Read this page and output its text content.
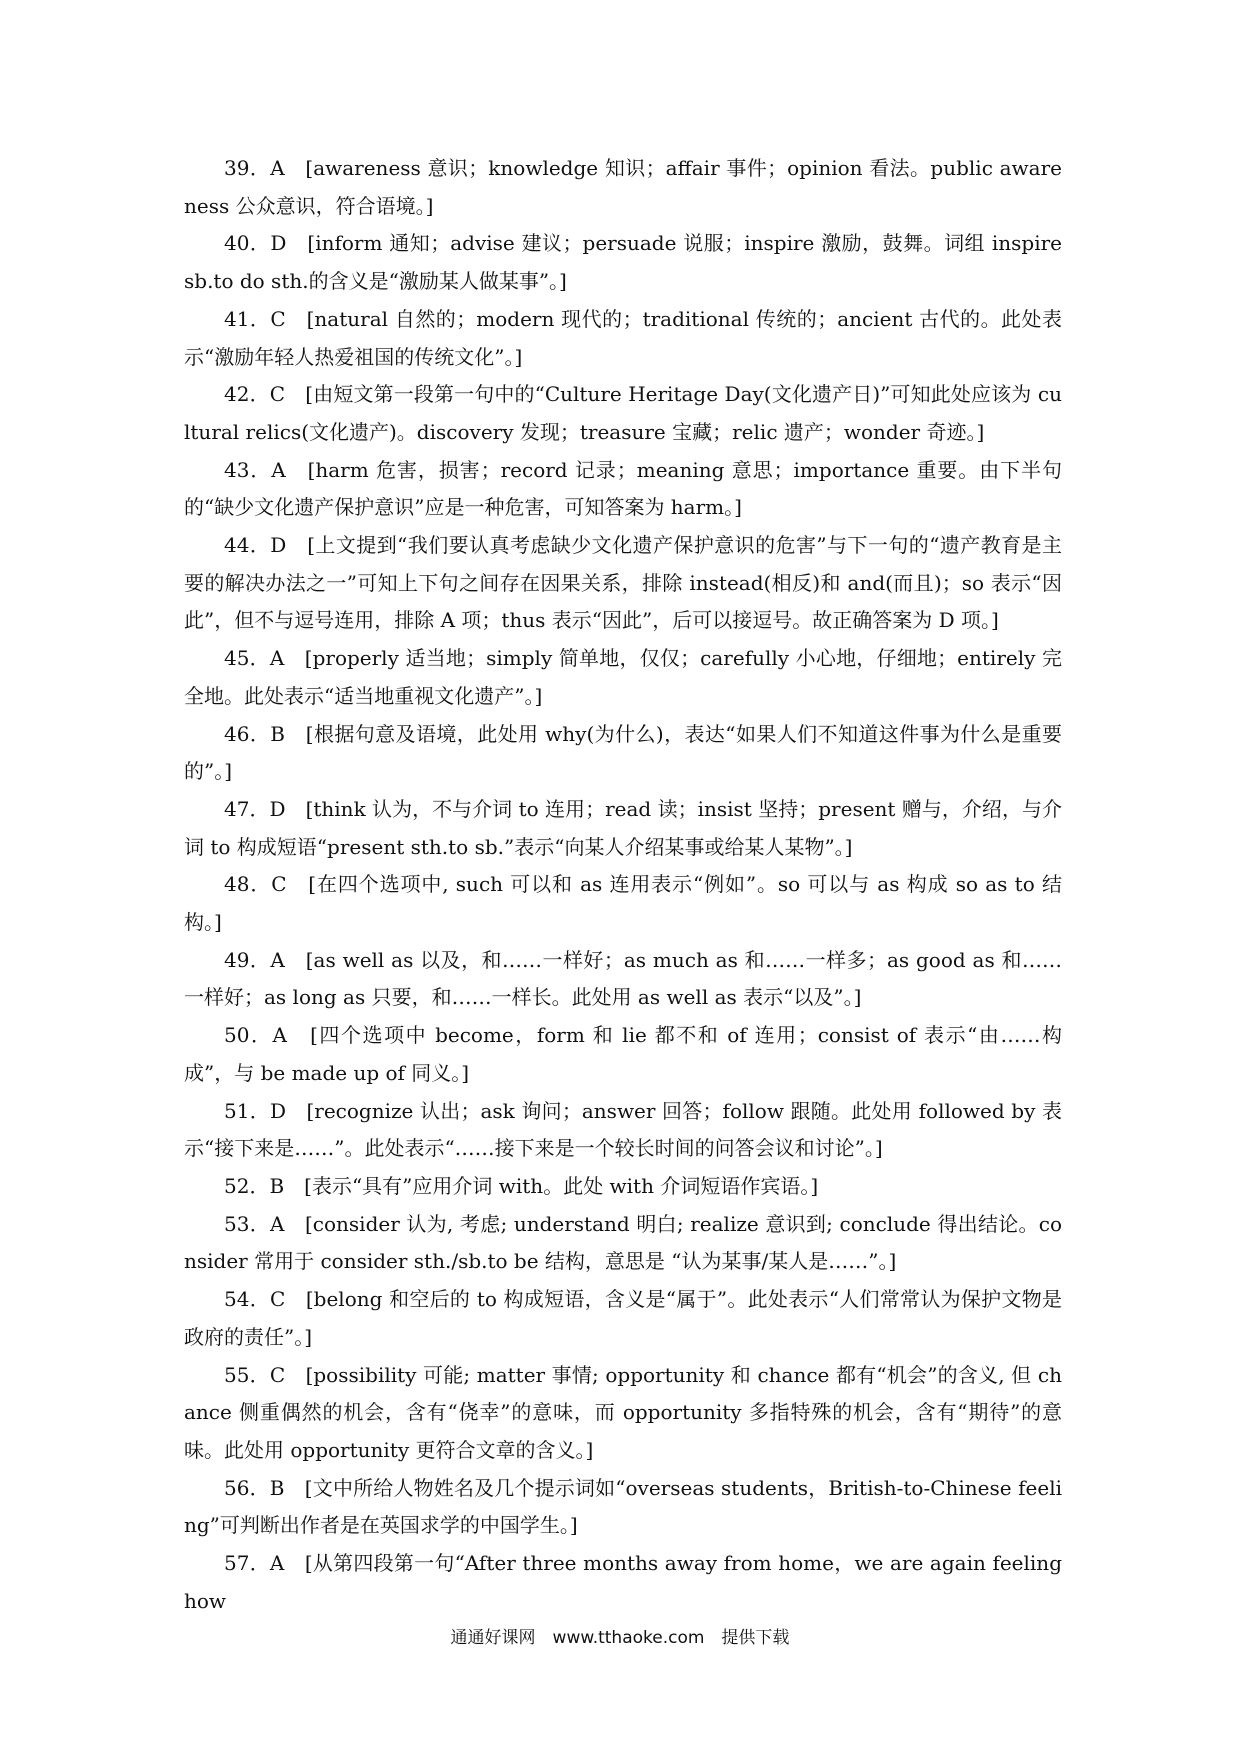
39．A　[awareness 意识；knowledge 知识；affair 事件；opinion 看法。public awareness 公众意识，符合语境。]

40．D　[inform 通知；advise 建议；persuade 说服；inspire 激励，鼓舞。词组 inspire sb.to do sth.的含义是“激励某人做某事”。]

41．C　[natural 自然的；modern 现代的；traditional 传统的；ancient 古代的。此处表示“激励年轻人热爱祖国的传统文化”。]

42．C　[由短文第一段第一句中的“Culture Heritage Day(文化遗产日)”可知此处应该为 cultural relics(文化遗产)。discovery 发现；treasure 宝藏；relic 遗产；wonder 奇迹。]

43．A　[harm 危害，损害；record 记录；meaning 意思；importance 重要。由下半句的“缺少文化遗产保护意识”应是一种危害，可知答案为 harm。]

44．D　[上文提到“我们要认真考虑缺少文化遗产保护意识的危害”与下一句的“遗产教育是主要的解决办法之一”可知上下句之间存在因果关系，排除 instead(相反)和 and(而且)；so 表示“因此”，但不与逗号连用，排除 A 项；thus 表示“因此”，后可以接逗号。故正确答案为 D 项。]

45．A　[properly 适当地；simply 简单地，仅仅；carefully 小心地，仔细地；entirely 完全地。此处表示“适当地重视文化遗产”。]

46．B　[根据句意及语境，此处用 why(为什么)，表达“如果人们不知道这件事为什么是重要的”。]

47．D　[think 认为，不与介词 to 连用；read 读；insist 坚持；present 赠与，介绍，与介词 to 构成短语“present sth.to sb.”表示“向某人介绍某事或给某人某物”。]

48．C　[在四个选项中, such 可以和 as 连用表示“例如”。so 可以与 as 构成 so as to 结构。]

49．A　[as well as 以及，和……一样好；as much as 和……一样多；as good as 和……一样好；as long as 只要，和……一样长。此处用 as well as 表示“以及”。]

50．A　[四个选项中 become，form 和 lie 都不和 of 连用；consist of 表示“由……构成”，与 be made up of 同义。]

51．D　[recognize 认出；ask 询问；answer 回答；follow 跟随。此处用 followed by 表示“接下来是……”。此处表示“……接下来是一个较长时间的问答会议和讨论”。]

52．B　[表示“具有”应用介词 with。此处 with 介词短语作宾语。]

53．A　[consider 认为, 考虑; understand 明白; realize 意识到; conclude 得出结论。consider 常用于 consider sth./sb.to be 结构，意思是 “认为某事/某人是……”。]

54．C　[belong 和空后的 to 构成短语，含义是“属于”。此处表示“人们常常认为保护文物是政府的责任”。]

55．C　[possibility 可能; matter 事情; opportunity 和 chance 都有“机会”的含义, 但 chance 侧重偶然的机会，含有“侥幸”的意味，而 opportunity 多指特殊的机会，含有“期待”的意味。此处用 opportunity 更符合文章的含义。]

56．B　[文中所给人物姓名及几个提示词如“overseas students，British-to-Chinese feeling”可判断出作者是在英国求学的中国学生。]

57．A　[从第四段第一句“After three months away from home，we are again feeling how

通通好课网　www.tthaoke.com　提供下载
